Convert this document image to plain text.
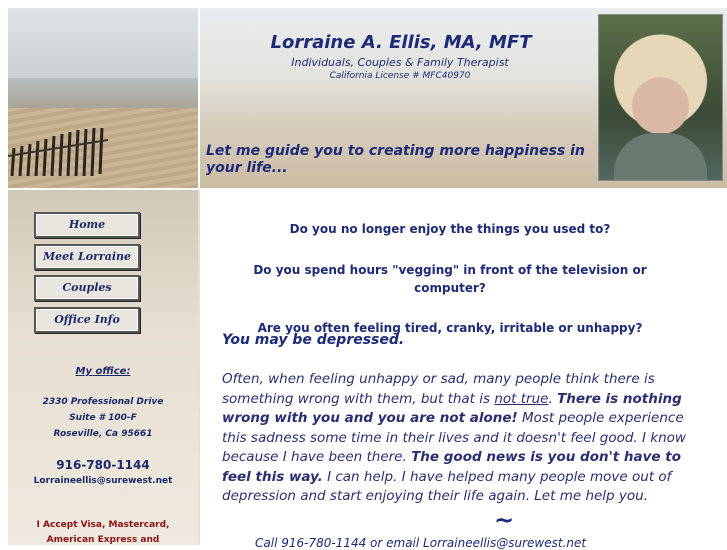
Lorraine A. Ellis, MA, MFT
Individuals, Couples & Family Therapist
California License # MFC40970
Let me guide you to creating more happiness in
your life...
Home
Meet Lorraine
Couples
Office Info
My office:
2330 Professional Drive
Suite # 100-F
Roseville, Ca 95661
916-780-1144
Lorraineellis@surewest.net
I Accept Visa, Mastercard,
American Express and
Do you no longer enjoy the things you used to?
Do you spend hours "vegging" in front of the television or computer?
Are you often feeling tired, cranky, irritable or unhappy?
You may be depressed.
Often, when feeling unhappy or sad, many people think there is something wrong with them, but that is not true. There is nothing wrong with you and you are not alone! Most people experience this sadness some time in their lives and it doesn't feel good. I know because I have been there. The good news is you don't have to feel this way. I can help. I have helped many people move out of depression and start enjoying their life again. Let me help you.
~
Call 916-780-1144 or email Lorraineellis@surewest.net
